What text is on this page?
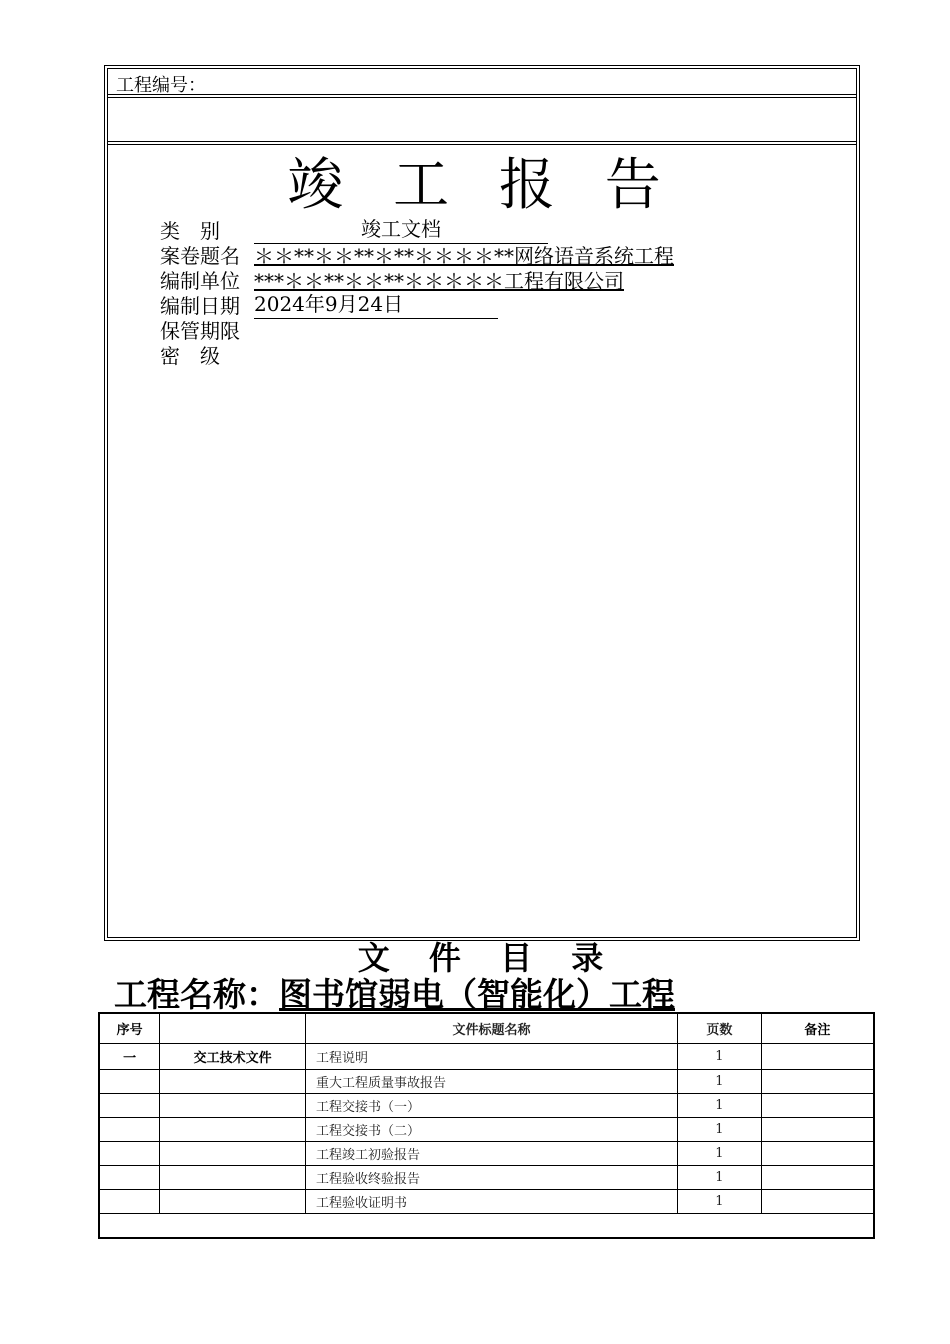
工程编号：
竣 工 报 告
类　别	竣工文档
案卷题名 ＊＊**＊＊**＊**＊＊＊＊**网络语音系统工程
编制单位 ***＊＊**＊＊**＊＊＊＊＊工程有限公司
编制日期 2024年9月24日
保管期限
密　级
文 件 目 录
工程名称：图书馆弱电（智能化）工程
序号		文件标题名称	页数	备注
一	交工技术文件	工程说明	1	
		重大工程质量事故报告	1	
		工程交接书（一）	1	
		工程交接书（二）	1	
		工程竣工初验报告	1	
		工程验收终验报告	1	
		工程验收证明书	1	
